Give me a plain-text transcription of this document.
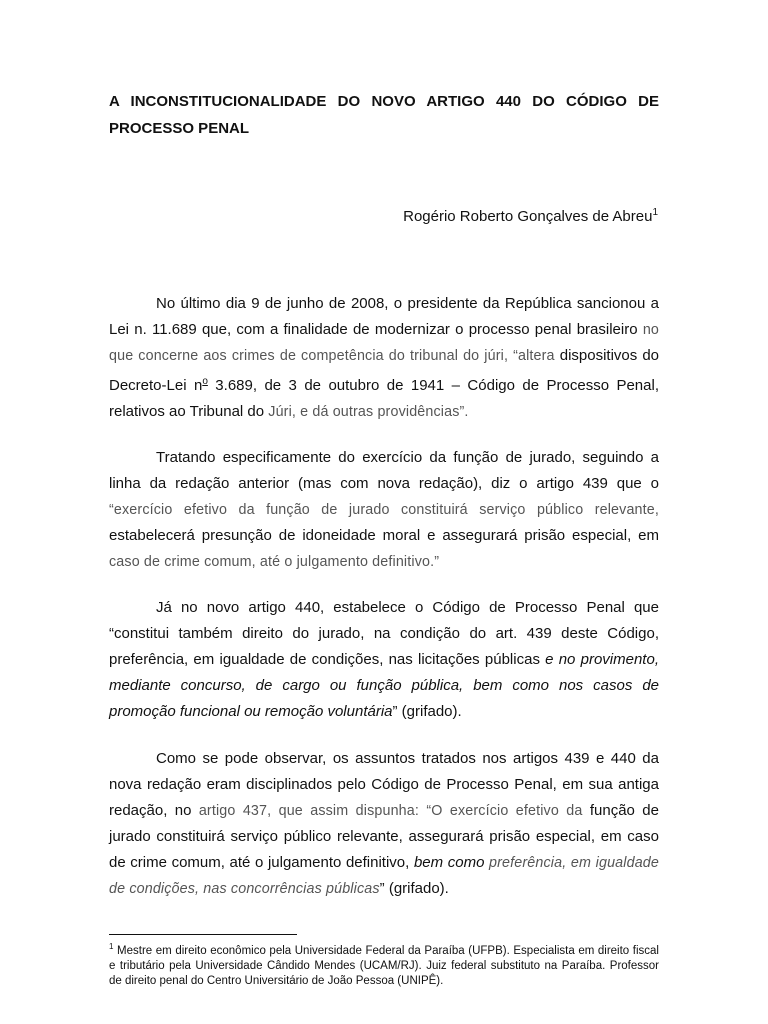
A INCONSTITUCIONALIDADE DO NOVO ARTIGO 440 DO CÓDIGO DE PROCESSO PENAL

Rogério Roberto Gonçalves de Abreu$^1$

No último dia 9 de junho de 2008, o presidente da República sancionou a Lei n. 11.689 que, com a finalidade de modernizar o processo penal brasileiro no que concerne aos crimes de competência do tribunal do júri, “altera dispositivos do Decreto-Lei $n^o$ 3.689, de 3 de outubro de 1941 – Código de Processo Penal, relativos ao Tribunal do Júri, e dá outras providências”.

Tratando especificamente do exercício da função de jurado, seguindo a linha da redação anterior (mas com nova redação), diz o artigo 439 que o “exercício efetivo da função de jurado constituirá serviço público relevante, estabelecerá presunção de idoneidade moral e assegurará prisão especial, em caso de crime comum, até o julgamento definitivo.”

Já no novo artigo 440, estabelece o Código de Processo Penal que “constitui também direito do jurado, na condição do art. 439 deste Código, preferência, em igualdade de condições, nas licitações públicas e no provimento, mediante concurso, de cargo ou função pública, bem como nos casos de promoção funcional ou remoção voluntária” (grifado).

Como se pode observar, os assuntos tratados nos artigos 439 e 440 da nova redação eram disciplinados pelo Código de Processo Penal, em sua antiga redação, no artigo 437, que assim dispunha: “O exercício efetivo da função de jurado constituirá serviço público relevante, assegurará prisão especial, em caso de crime comum, até o julgamento definitivo, bem como preferência, em igualdade de condições, nas concorrências públicas” (grifado).

$^1$ Mestre em direito econômico pela Universidade Federal da Paraíba (UFPB). Especialista em direito fiscal e tributário pela Universidade Cândido Mendes (UCAM/RJ). Juiz federal substituto na Paraíba. Professor de direito penal do Centro Universitário de João Pessoa (UNIPÊ).
